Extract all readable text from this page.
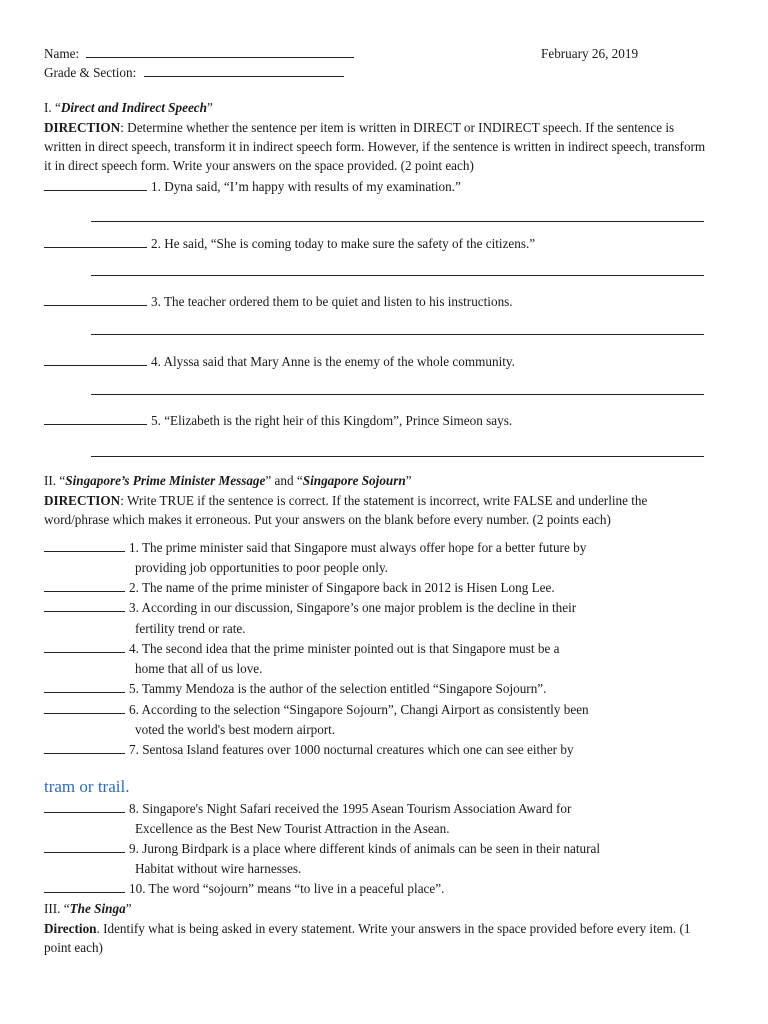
Name:	February 26, 2019
Grade & Section:
I. “Direct and Indirect Speech”
DIRECTION: Determine whether the sentence per item is written in DIRECT or INDIRECT speech. If the sentence is written in direct speech, transform it in indirect speech form. However, if the sentence is written in indirect speech, transform it in direct speech form. Write your answers on the space provided. (2 point each)
1. Dyna said, “I’m happy with results of my examination.”
2. He said, “She is coming today to make sure the safety of the citizens.”
3. The teacher ordered them to be quiet and listen to his instructions.
4. Alyssa said that Mary Anne is the enemy of the whole community.
5. “Elizabeth is the right heir of this Kingdom”, Prince Simeon says.
II. “Singapore’s Prime Minister Message” and “Singapore Sojourn”
DIRECTION: Write TRUE if the sentence is correct. If the statement is incorrect, write FALSE and underline the word/phrase which makes it erroneous. Put your answers on the blank before every number. (2 points each)
1. The prime minister said that Singapore must always offer hope for a better future by
providing job opportunities to poor people only.
2. The name of the prime minister of Singapore back in 2012 is Hisen Long Lee.
3. According in our discussion, Singapore’s one major problem is the decline in their
fertility trend or rate.
4. The second idea that the prime minister pointed out is that Singapore must be a
home that all of us love.
5. Tammy Mendoza is the author of the selection entitled “Singapore Sojourn”.
6. According to the selection “Singapore Sojourn”, Changi Airport as consistently been
voted the world's best modern airport.
7. Sentosa Island features over 1000 nocturnal creatures which one can see either by
tram or trail.
8. Singapore's Night Safari received the 1995 Asean Tourism Association Award for
Excellence as the Best New Tourist Attraction in the Asean.
9. Jurong Birdpark is a place where different kinds of animals can be seen in their natural
Habitat without wire harnesses.
10. The word “sojourn” means “to live in a peaceful place”.
III. “The Singa”
Direction. Identify what is being asked in every statement. Write your answers in the space provided before every item. (1 point each)
